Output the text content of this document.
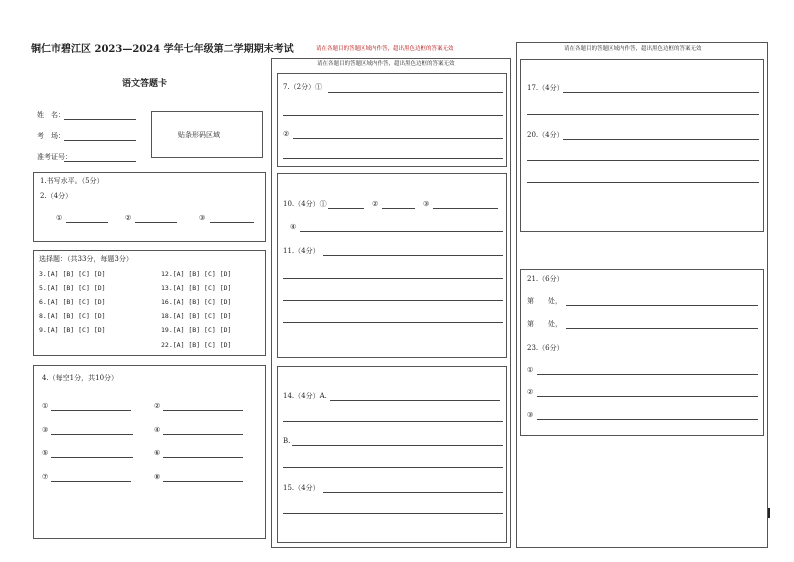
铜仁市碧江区 2023—2024 学年七年级第二学期期末考试
语文答题卡
姓　名：
考　场：
准考证号：
贴条形码区域
1.书写水平。（5分）
2.（4分）
①	②	③
选择题：（共33分，每题3分）
3.[A] [B] [C] [D]
5.[A] [B] [C] [D]
6.[A] [B] [C] [D]
8.[A] [B] [C] [D]
9.[A] [B] [C] [D]
12.[A] [B] [C] [D]
13.[A] [B] [C] [D]
16.[A] [B] [C] [D]
18.[A] [B] [C] [D]
19.[A] [B] [C] [D]
22.[A] [B] [C] [D]
4.（每空1分，共10分）
①	②
③	④
⑤	⑥
⑦	⑧
请在各题目的答题区域内作答，超出黑色边框的答案无效
请在各题目的答题区域内作答，超出黑色边框的答案无效
7.（2分）①
②
10.（4分）①	②	③
④
11.（4分）
14.（4分）A.
B.
15.（4分）
请在各题目的答题区域内作答，超出黑色边框的答案无效
17.（4分）
20.（4分）
21.（6分）
第　　处，
第　　处，
23.（6分）
①
②
③
